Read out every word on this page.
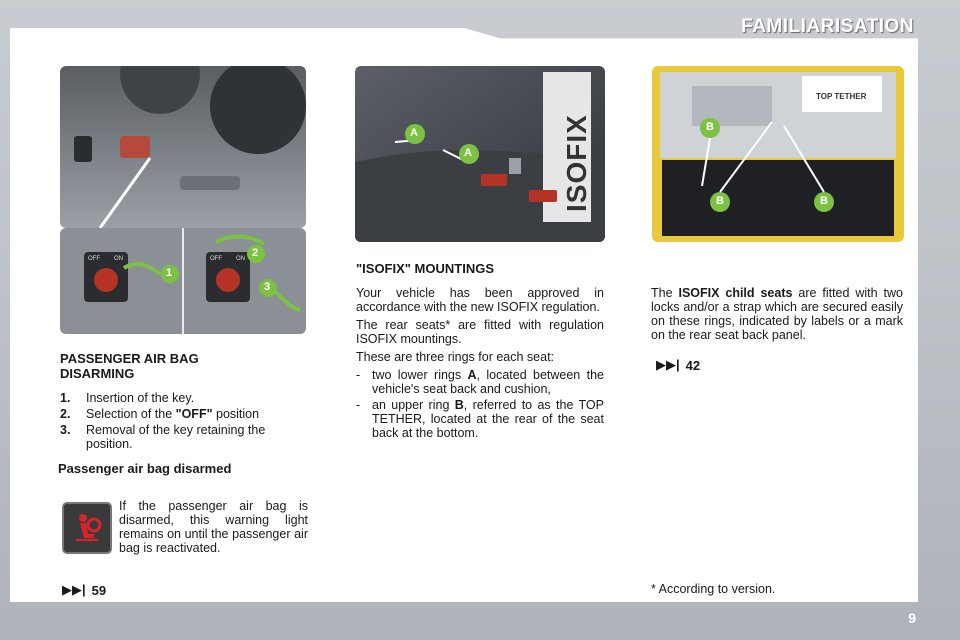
FAMILIARISATION
1
2
3
OFF ON	OFF ON
ISOFIX
A
A
B
B	B
TOP TETHER
PASSENGER AIR BAG DISARMING
1.	Insertion of the key.
2.	Selection of the "OFF" position
3.	Removal of the key retaining the position.
Passenger air bag disarmed
If the passenger air bag is disarmed, this warning light remains on until the passenger air bag is reactivated.
▶▶| 59
"ISOFIX" MOUNTINGS

Your vehicle has been approved in accordance with the new ISOFIX regulation.

The rear seats* are fitted with regulation ISOFIX mountings.

These are three rings for each seat:

- two lower rings A, located between the vehicle's seat back and cushion,
- an upper ring B, referred to as the TOP TETHER, located at the rear of the seat back at the bottom.
The ISOFIX child seats are fitted with two locks and/or a strap which are secured easily on these rings, indicated by labels or a mark on the rear seat back panel.
▶▶| 42
* According to version.
9
